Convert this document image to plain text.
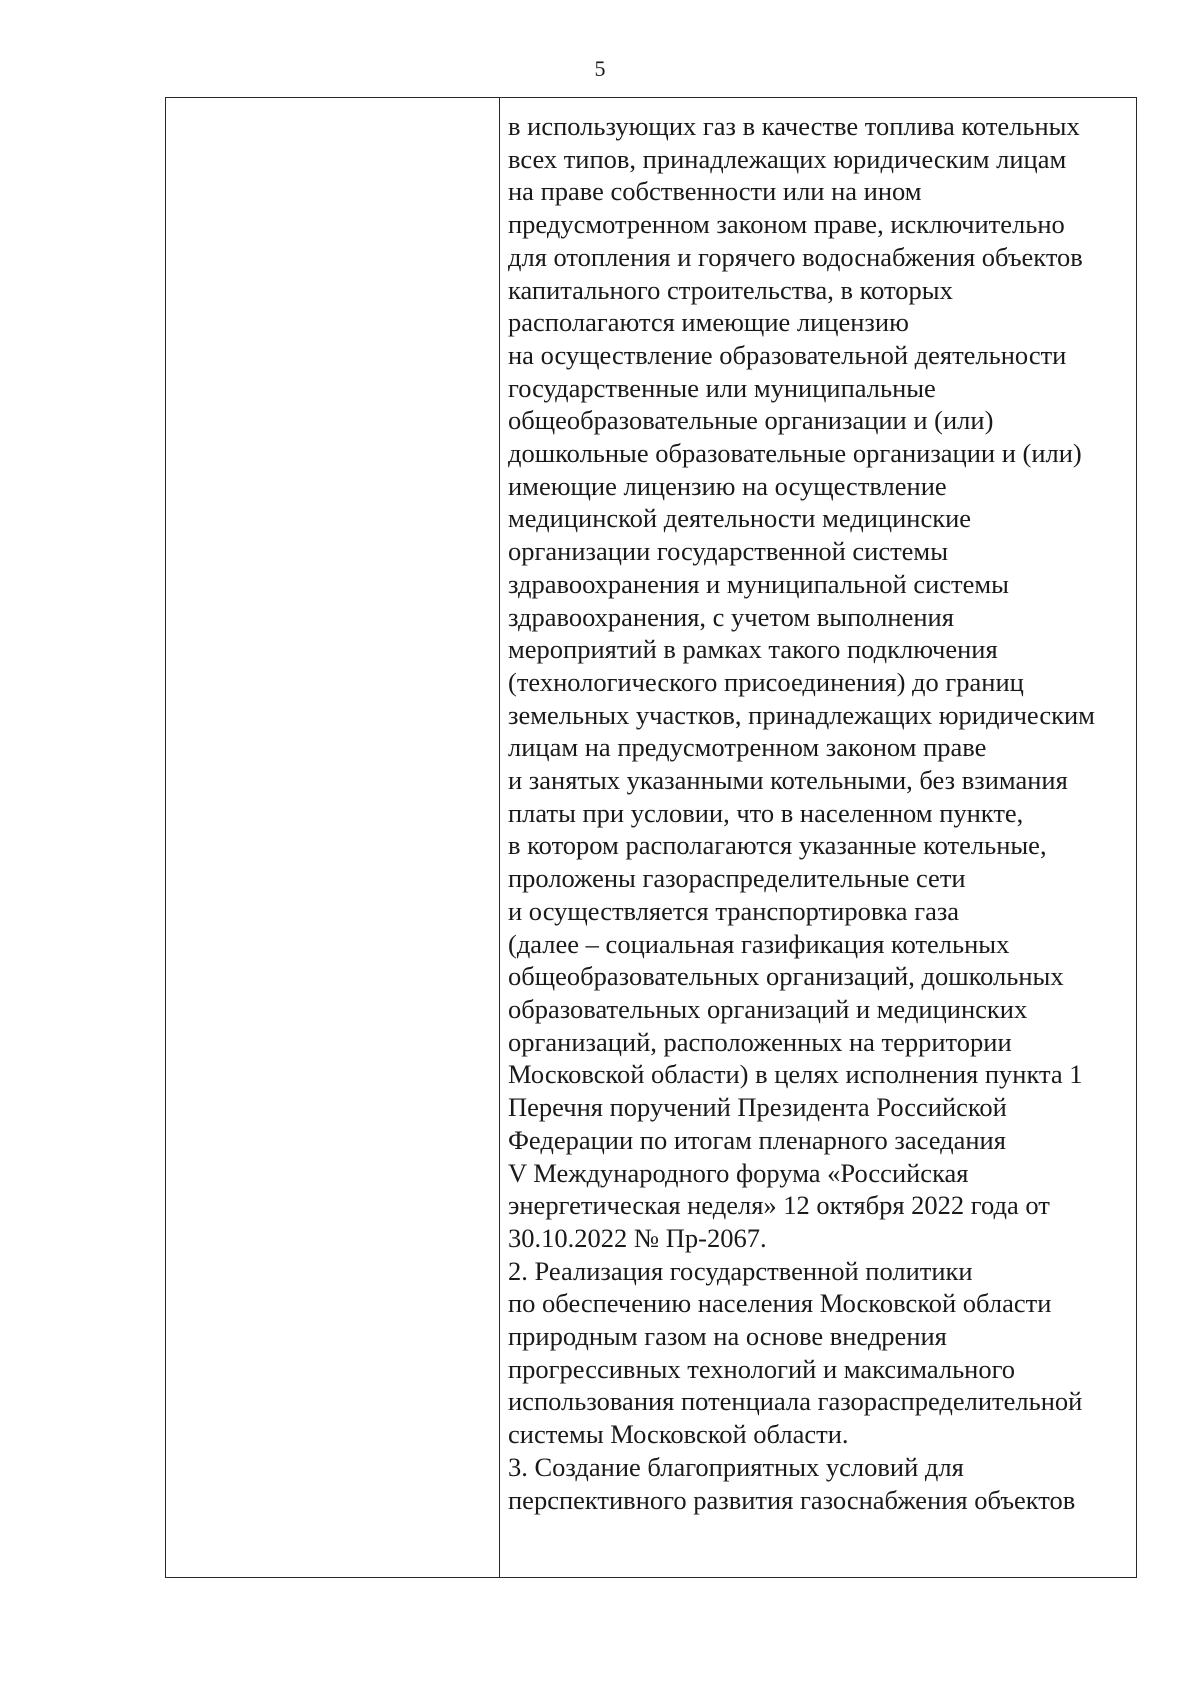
5

в использующих газ в качестве топлива котельных
всех типов, принадлежащих юридическим лицам
на праве собственности или на ином
предусмотренном законом праве, исключительно
для отопления и горячего водоснабжения объектов
капитального строительства, в которых
располагаются имеющие лицензию
на осуществление образовательной деятельности
государственные или муниципальные
общеобразовательные организации и (или)
дошкольные образовательные организации и (или)
имеющие лицензию на осуществление
медицинской деятельности медицинские
организации государственной системы
здравоохранения и муниципальной системы
здравоохранения, с учетом выполнения
мероприятий в рамках такого подключения
(технологического присоединения) до границ
земельных участков, принадлежащих юридическим
лицам на предусмотренном законом праве
и занятых указанными котельными, без взимания
платы при условии, что в населенном пункте,
в котором располагаются указанные котельные,
проложены газораспределительные сети
и осуществляется транспортировка газа
(далее – социальная газификация котельных
общеобразовательных организаций, дошкольных
образовательных организаций и медицинских
организаций, расположенных на территории
Московской области) в целях исполнения пункта 1
Перечня поручений Президента Российской
Федерации по итогам пленарного заседания
V Международного форума «Российская
энергетическая неделя» 12 октября 2022 года от
30.10.2022 № Пр-2067.
2. Реализация государственной политики
по обеспечению населения Московской области
природным газом на основе внедрения
прогрессивных технологий и максимального
использования потенциала газораспределительной
системы Московской области.
3. Создание благоприятных условий для
перспективного развития газоснабжения объектов
